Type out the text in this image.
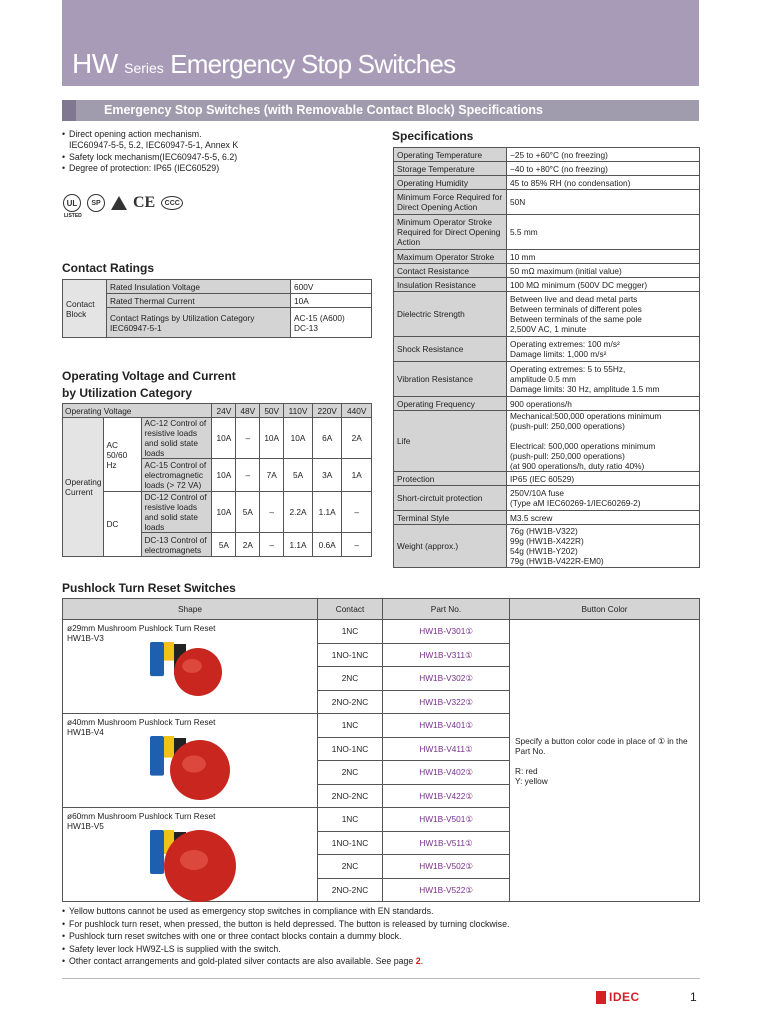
HW Series Emergency Stop Switches
Emergency Stop Switches (with Removable Contact Block) Specifications
• Direct opening action mechanism.
IEC60947-5-5, 5.2, IEC60947-5-1, Annex K
• Safety lock mechanism(IEC60947-5-5, 6.2)
• Degree of protection: IP65 (IEC60529)
UL	SP CE	CCC
LISTED
Specifications
Operating Temperature	−25 to +60°C (no freezing)
Storage Temperature	−40 to +80°C (no freezing)
Operating Humidity	45 to 85% RH (no condensation)
Minimum Force Required for Direct Opening Action	50N
Minimum Operator Stroke Required for Direct Opening Action	5.5 mm
Maximum Operator Stroke	10 mm
Contact Resistance	50 mΩ maximum (initial value)
Insulation Resistance	100 MΩ minimum (500V DC megger)
Dielectric Strength	Between live and dead metal parts
Between terminals of different poles
Between terminals of the same pole
2,500V AC, 1 minute
Shock Resistance	Operating extremes: 100 m/s²
Damage limits: 1,000 m/s²
Vibration Resistance	Operating extremes: 5 to 55Hz,
amplitude 0.5 mm
Damage limits: 30 Hz, amplitude 1.5 mm
Operating Frequency	900 operations/h
Life	Mechanical:500,000 operations minimum
(push-pull: 250,000 operations)

Electrical: 500,000 operations minimum
(push-pull: 250,000 operations)
(at 900 operations/h, duty ratio 40%)
Protection	IP65 (IEC 60529)
Short-circtuit protection	250V/10A fuse
(Type aM IEC60269-1/IEC60269-2)
Terminal Style	M3.5 screw
Weight (approx.)	76g (HW1B-V322)
99g (HW1B-X422R)
54g (HW1B-Y202)
79g (HW1B-V422R-EM0)
Contact Ratings
Contact Block	Rated Insulation Voltage	600V
	Rated Thermal Current	10A
	Contact Ratings by Utilization Category
IEC60947-5-1	AC-15 (A600)
DC-13
Operating Voltage and Current
by Utilization Category
Operating Voltage			24V	48V	50V	110V	220V	440V
Operating Current	AC
50/60 Hz	AC-12 Control of resistive loads and solid state loads	10A	–	10A	10A	6A	2A
		AC-15 Control of electromagnetic loads (> 72 VA)	10A	–	7A	5A	3A	1A
	DC	DC-12 Control of resistive loads and solid state loads	10A	5A	–	2.2A	1.1A	–
		DC-13 Control of electromagnets	5A	2A	–	1.1A	0.6A	–
Pushlock Turn Reset Switches
Shape	Contact	Part No.	Button Color

ø29mm Mushroom Pushlock Turn Reset
HW1B-V3	1NC	HW1B-V301①	Specify a button color code in place of ① in the Part No.

R: red
Y: yellow
	1NO-1NC	HW1B-V311①	
	2NC	HW1B-V302①	
	2NO-2NC	HW1B-V322①	

ø40mm Mushroom Pushlock Turn Reset
HW1B-V4	1NC	HW1B-V401①	
	1NO-1NC	HW1B-V411①	
	2NC	HW1B-V402①	
	2NO-2NC	HW1B-V422①	

ø60mm Mushroom Pushlock Turn Reset
HW1B-V5	1NC	HW1B-V501①	
	1NO-1NC	HW1B-V511①	
	2NC	HW1B-V502①	
	2NO-2NC	HW1B-V522①	
• Yellow buttons cannot be used as emergency stop switches in compliance with EN standards.
• For pushlock turn reset, when pressed, the button is held depressed. The button is released by turning clockwise.
• Pushlock turn reset switches with one or three contact blocks contain a dummy block.
• Safety lever lock HW9Z-LS is supplied with the switch.
• Other contact arrangements and gold-plated silver contacts are also available. See page 2.
IDEC	1
